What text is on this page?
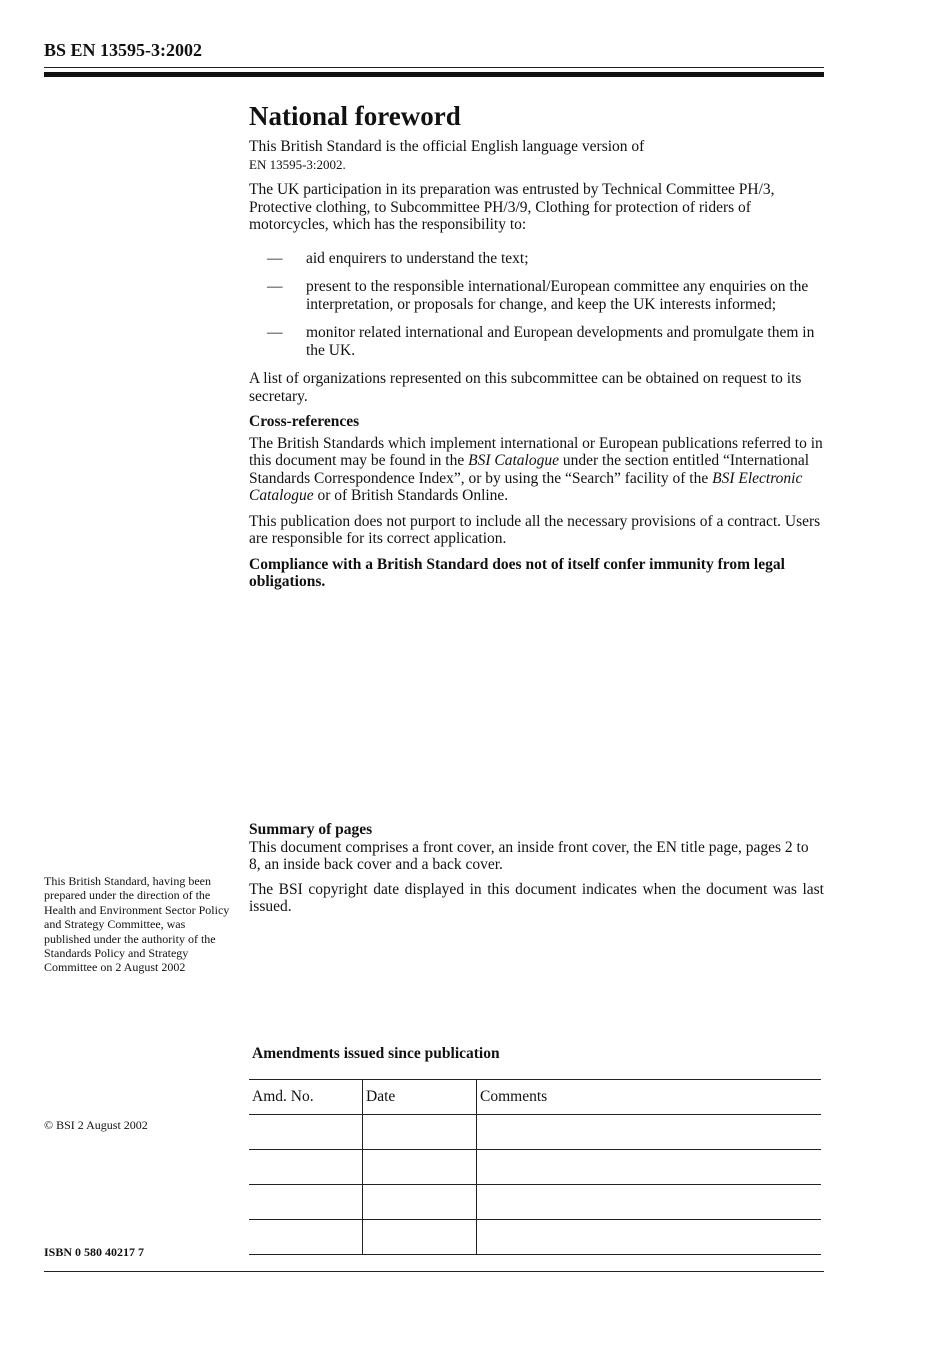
BS EN 13595-3:2002
National foreword

This British Standard is the official English language version of
EN 13595-3:2002.

The UK participation in its preparation was entrusted by Technical Committee PH/3, Protective clothing, to Subcommittee PH/3/9, Clothing for protection of riders of motorcycles, which has the responsibility to:

—	aid enquirers to understand the text;
—	present to the responsible international/European committee any enquiries on the interpretation, or proposals for change, and keep the UK interests informed;
—	monitor related international and European developments and promulgate them in the UK.

A list of organizations represented on this subcommittee can be obtained on request to its secretary.

Cross-references

The British Standards which implement international or European publications referred to in this document may be found in the BSI Catalogue under the section entitled “International Standards Correspondence Index”, or by using the “Search” facility of the BSI Electronic Catalogue or of British Standards Online.

This publication does not purport to include all the necessary provisions of a contract. Users are responsible for its correct application.

Compliance with a British Standard does not of itself confer immunity from legal obligations.

Summary of pages

This document comprises a front cover, an inside front cover, the EN title page, pages 2 to 8, an inside back cover and a back cover.

The BSI copyright date displayed in this document indicates when the document was last issued.

This British Standard, having been prepared under the direction of the Health and Environment Sector Policy and Strategy Committee, was published under the authority of the Standards Policy and Strategy Committee on 2 August 2002
© BSI 2 August 2002
ISBN 0 580 40217 7
Amendments issued since publication
Amd. No.	Date	Comments
